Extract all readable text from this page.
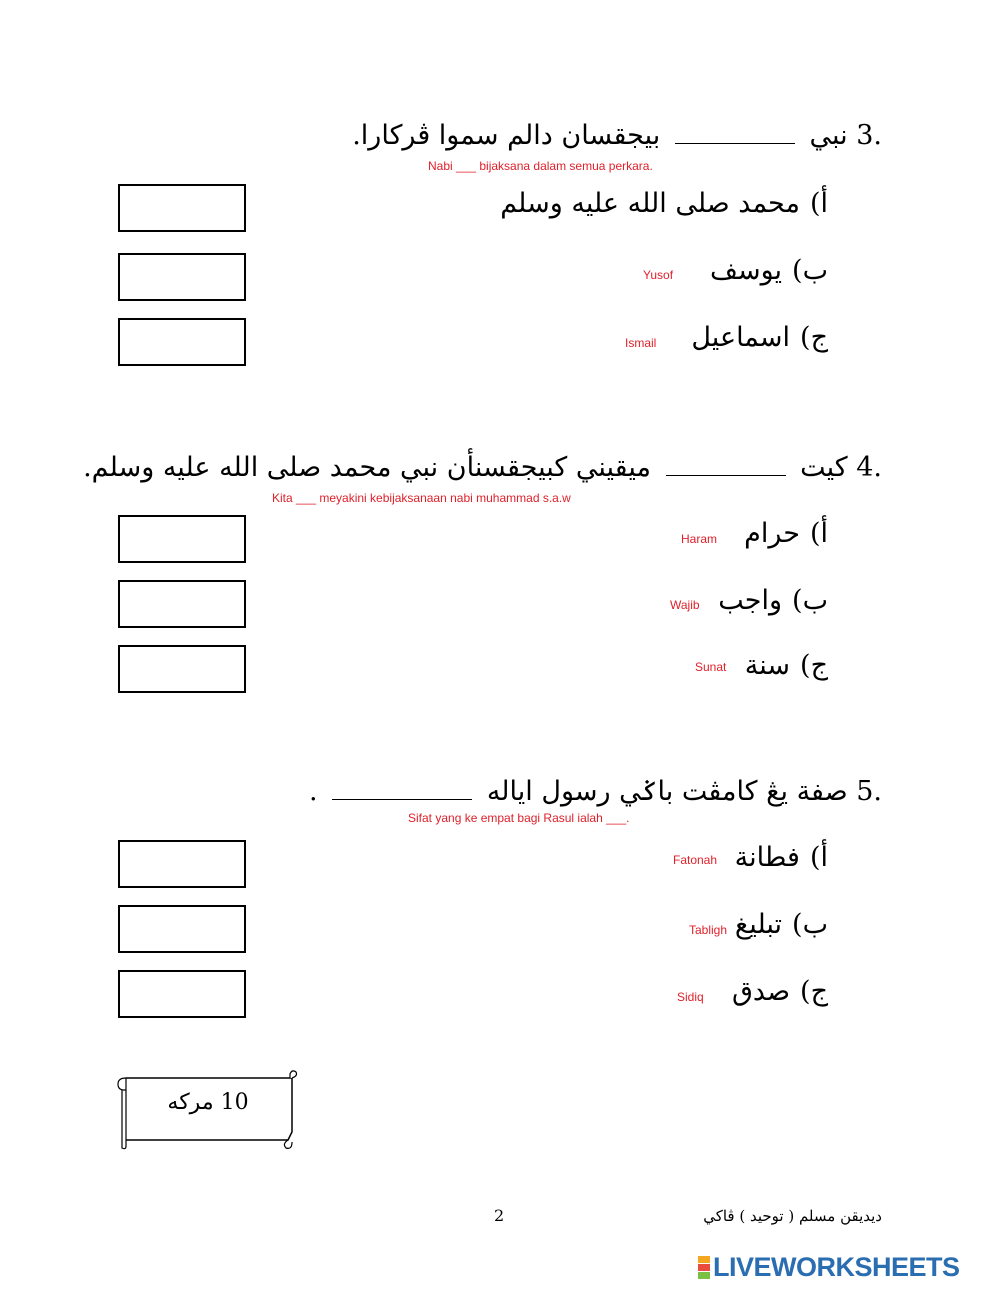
3. نبي  بيجقسان دالم سموا ڤركارا.
Nabi ___ bijaksana dalam semua perkara.
أ)محمد صلى الله عليه وسلم
ب)يوسف
Yusof
ج)اسماعيل
Ismail
4. كيت  ميقيني كبيجقسنأن نبي محمد صلى الله عليه وسلم.
Kita ___ meyakini kebijaksanaan nabi muhammad s.a.w
أ)حرام
Haram
ب)واجب
Wajib
ج)سنة
Sunat
5. صفة يڠ كامڤت باݢي رسول اياله  .
Sifat yang ke empat bagi Rasul ialah ___.
أ)فطانة
Fatonah
ب)تبليغ
Tabligh
ج)صدق
Sidiq
10 مركه
2	ديديقن مسلم ( توحيد ) ڤاكي
LIVEWORKSHEETS
